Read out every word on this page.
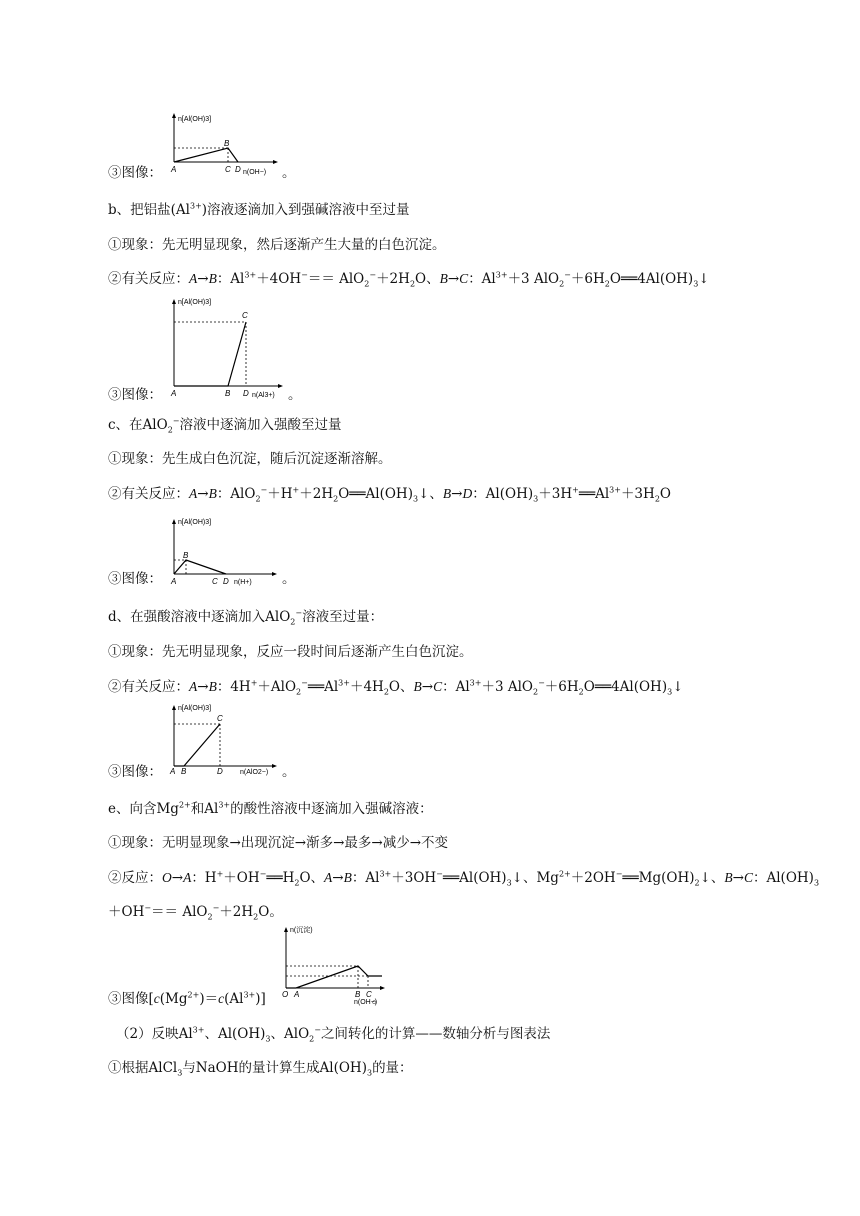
n[Al(OH)3]
B
A	C D n(OH−)
③图像：	。
b、把铝盐$(Al^{3+})$溶液逐滴加入到强碱溶液中至过量
①现象：先无明显现象，然后逐渐产生大量的白色沉淀。
②有关反应：A→B：$Al^{3+}+4OH^-== AlO_2^-+2H_2O$、B→C：$Al^{3+}+3$ $AlO_2^-+6H_2O══4Al(OH)_3↓$
n[Al(OH)3]
C
A	B D n(Al3+)
③图像：	。
c、在AlO$_2$−溶液中逐滴加入强酸至过量
①现象：先生成白色沉淀，随后沉淀逐渐溶解。
②有关反应：A→B：$AlO_2^-+H^++2H_2O══Al(OH)_3↓$、B→D：$Al(OH)_3+3H^+══Al^{3+}+3H_2O$
n[Al(OH)3]
B
A	C D n(H+)
③图像：	。
d、在强酸溶液中逐滴加入AlO$_2$−溶液至过量：
①现象：先无明显现象，反应一段时间后逐渐产生白色沉淀。
②有关反应：A→B：$4H^++AlO_2^-══Al^{3+}+4H_2O$、B→C：$Al^{3+}+3$ $AlO_2^-+6H_2O══4Al(OH)_3↓$
n[Al(OH)3]
C
A B	D n(AlO2−)
③图像：	。
e、向含$Mg^{2+}$和$Al^{3+}$的酸性溶液中逐滴加入强碱溶液：
①现象：无明显现象→出现沉淀→渐多→最多→减少→不变
②反应：O→A：$H^++OH^-══H_2O$、A→B：$Al^{3+}+3OH^-══Al(OH)_3↓$、$Mg^{2+}+2OH^-══Mg(OH)_2↓$、B→C：$Al(OH)_3$
$+OH^-== AlO_2^-+2H_2O$。
n(沉淀)
O A	B C
n(OH−)
③图像$[c(Mg^{2+})=c(Al^{3+})]$	。
（2）反映$Al^{3+}$、$Al(OH)_3$、AlO$_2$−之间转化的计算——数轴分析与图表法
①根据AlCl$_3$与NaOH的量计算生成$Al(OH)_3$的量：
